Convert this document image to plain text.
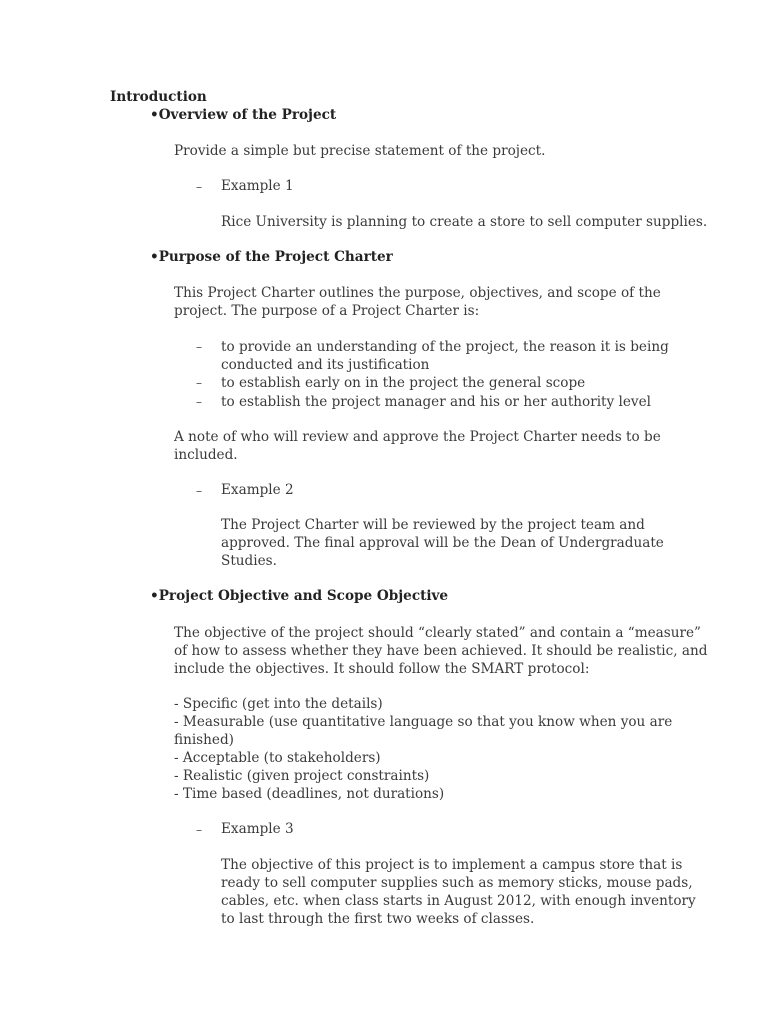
Introduction
•Overview of the Project
Provide a simple but precise statement of the project.
– Example 1
Rice University is planning to create a store to sell computer supplies.
•Purpose of the Project Charter
This Project Charter outlines the purpose, objectives, and scope of the
project. The purpose of a Project Charter is:
– to provide an understanding of the project, the reason it is being
conducted and its justification
– to establish early on in the project the general scope
– to establish the project manager and his or her authority level
A note of who will review and approve the Project Charter needs to be
included.
– Example 2
The Project Charter will be reviewed by the project team and
approved. The final approval will be the Dean of Undergraduate
Studies.
•Project Objective and Scope Objective
The objective of the project should “clearly stated” and contain a “measure”
of how to assess whether they have been achieved. It should be realistic, and
include the objectives. It should follow the SMART protocol:
- Specific (get into the details)
- Measurable (use quantitative language so that you know when you are
finished)
- Acceptable (to stakeholders)
- Realistic (given project constraints)
- Time based (deadlines, not durations)
– Example 3
The objective of this project is to implement a campus store that is
ready to sell computer supplies such as memory sticks, mouse pads,
cables, etc. when class starts in August 2012, with enough inventory
to last through the first two weeks of classes.
